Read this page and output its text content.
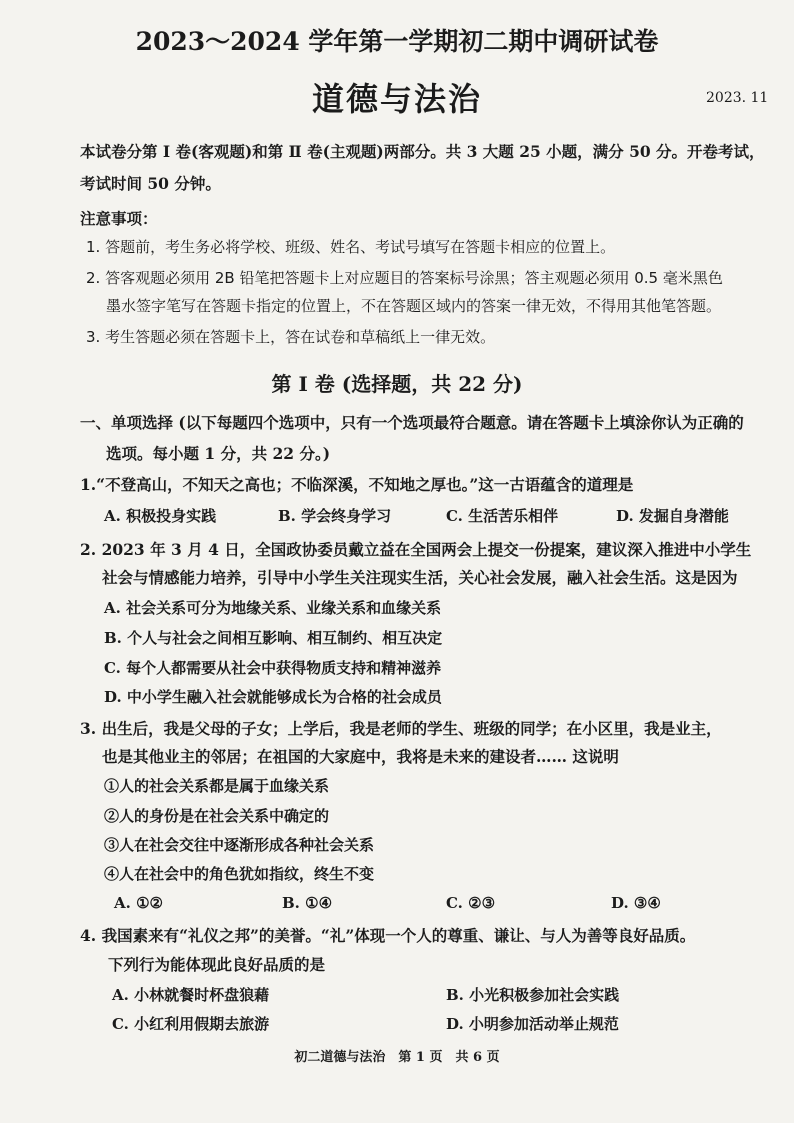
2023～2024 学年第一学期初二期中调研试卷
道德与法治	2023. 11
本试卷分第 Ⅰ 卷(客观题)和第 Ⅱ 卷(主观题)两部分。共 3 大题 25 小题，满分 50 分。开卷考试，
考试时间 50 分钟。
注意事项：
1. 答题前，考生务必将学校、班级、姓名、考试号填写在答题卡相应的位置上。
2. 答客观题必须用 2B 铅笔把答题卡上对应题目的答案标号涂黑；答主观题必须用 0.5 毫米黑色
墨水签字笔写在答题卡指定的位置上，不在答题区域内的答案一律无效，不得用其他笔答题。
3. 考生答题必须在答题卡上，答在试卷和草稿纸上一律无效。
第 Ⅰ 卷 (选择题，共 22 分)
一、单项选择 (以下每题四个选项中，只有一个选项最符合题意。请在答题卡上填涂你认为正确的
选项。每小题 1 分，共 22 分。)
1.“不登高山，不知天之高也；不临深溪，不知地之厚也。”这一古语蕴含的道理是
A. 积极投身实践	B. 学会终身学习	C. 生活苦乐相伴	D. 发掘自身潜能
2. 2023 年 3 月 4 日，全国政协委员戴立益在全国两会上提交一份提案，建议深入推进中小学生
社会与情感能力培养，引导中小学生关注现实生活，关心社会发展，融入社会生活。这是因为
A. 社会关系可分为地缘关系、业缘关系和血缘关系
B. 个人与社会之间相互影响、相互制约、相互决定
C. 每个人都需要从社会中获得物质支持和精神滋养
D. 中小学生融入社会就能够成长为合格的社会成员
3. 出生后，我是父母的子女；上学后，我是老师的学生、班级的同学；在小区里，我是业主，
也是其他业主的邻居；在祖国的大家庭中，我将是未来的建设者…… 这说明
①人的社会关系都是属于血缘关系
②人的身份是在社会关系中确定的
③人在社会交往中逐渐形成各种社会关系
④人在社会中的角色犹如指纹，终生不变
A. ①②	B. ①④	C. ②③	D. ③④
4. 我国素来有“礼仪之邦”的美誉。“礼”体现一个人的尊重、谦让、与人为善等良好品质。
下列行为能体现此良好品质的是
A. 小林就餐时杯盘狼藉	B. 小光积极参加社会实践
C. 小红利用假期去旅游	D. 小明参加活动举止规范
初二道德与法治　第 1 页　共 6 页
